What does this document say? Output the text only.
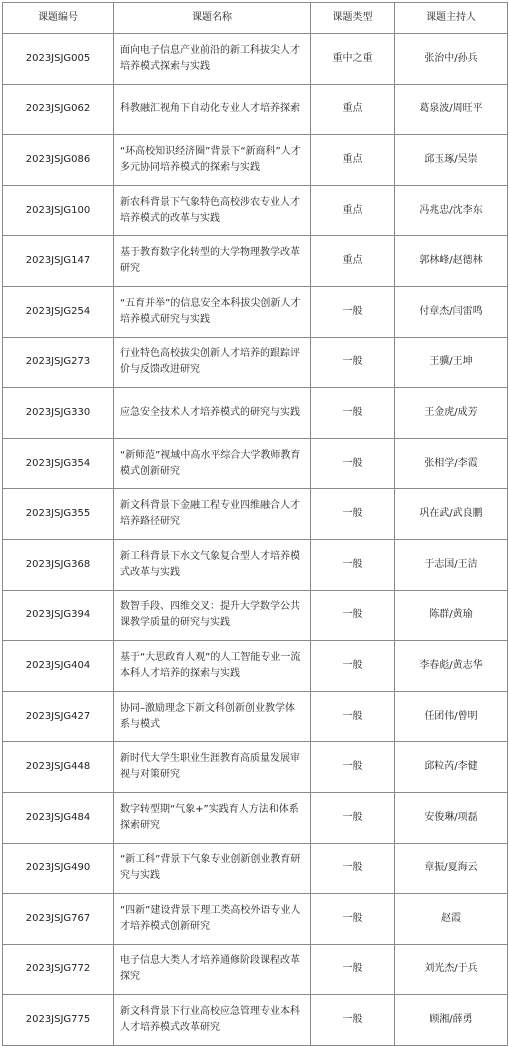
课题编号	课题名称	课题类型	课题主持人
2023JSJG005	面向电子信息产业前沿的新工科拔尖人才培养模式探索与实践	重中之重	张治中/孙兵
2023JSJG062	科教融汇视角下自动化专业人才培养探索	重点	葛泉波/周旺平
2023JSJG086	“环高校知识经济圈”背景下“新商科”人才多元协同培养模式的探索与实践	重点	邱玉琢/吴崇
2023JSJG100	新农科背景下气象特色高校涉农专业人才培养模式的改革与实践	重点	冯兆忠/沈李东
2023JSJG147	基于教育数字化转型的大学物理教学改革研究	重点	郭林峰/赵德林
2023JSJG254	“五育并举”的信息安全本科拔尖创新人才培养模式研究与实践	一般	付章杰/闫雷鸣
2023JSJG273	行业特色高校拔尖创新人才培养的跟踪评价与反馈改进研究	一般	王骥/王坤
2023JSJG330	应急安全技术人才培养模式的研究与实践	一般	王金虎/成芳
2023JSJG354	“新师范”视域中高水平综合大学教师教育模式创新研究	一般	张相学/李霞
2023JSJG355	新文科背景下金融工程专业四维融合人才培养路径研究	一般	巩在武/武良鹏
2023JSJG368	新工科背景下水文气象复合型人才培养模式改革与实践	一般	于志国/王洁
2023JSJG394	数智手段、四维交叉：提升大学数学公共课教学质量的研究与实践	一般	陈群/黄瑜
2023JSJG404	基于“大思政育人观”的人工智能专业一流本科人才培养的探索与实践	一般	李春彪/黄志华
2023JSJG427	协同–激励理念下新文科创新创业教学体系与模式	一般	任团伟/曾明
2023JSJG448	新时代大学生职业生涯教育高质量发展审视与对策研究	一般	邱粒芮/李健
2023JSJG484	数字转型期“气象+”实践育人方法和体系探索研究	一般	安俊琳/项磊
2023JSJG490	“新工科”背景下气象专业创新创业教育研究与实践	一般	章振/夏海云
2023JSJG767	“四新”建设背景下理工类高校外语专业人才培养模式创新研究	一般	赵霞
2023JSJG772	电子信息大类人才培养通修阶段课程改革探究	一般	刘光杰/于兵
2023JSJG775	新文科背景下行业高校应急管理专业本科人才培养模式改革研究	一般	顾湘/薛勇
